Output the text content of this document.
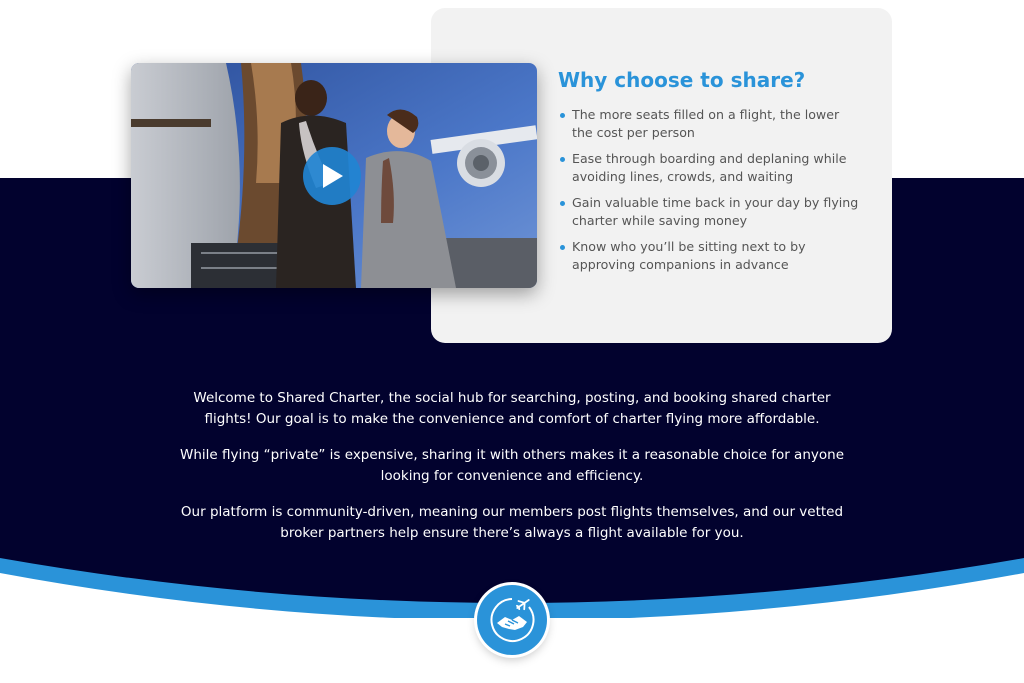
Why choose to share?
The more seats filled on a flight, the lower the cost per person
Ease through boarding and deplaning while avoiding lines, crowds, and waiting
Gain valuable time back in your day by flying charter while saving money
Know who you’ll be sitting next to by approving companions in advance

Welcome to Shared Charter, the social hub for searching, posting, and booking shared charter flights! Our goal is to make the convenience and comfort of charter flying more affordable.

While flying “private” is expensive, sharing it with others makes it a reasonable choice for anyone looking for convenience and efficiency.

Our platform is community-driven, meaning our members post flights themselves, and our vetted broker partners help ensure there’s always a flight available for you.
